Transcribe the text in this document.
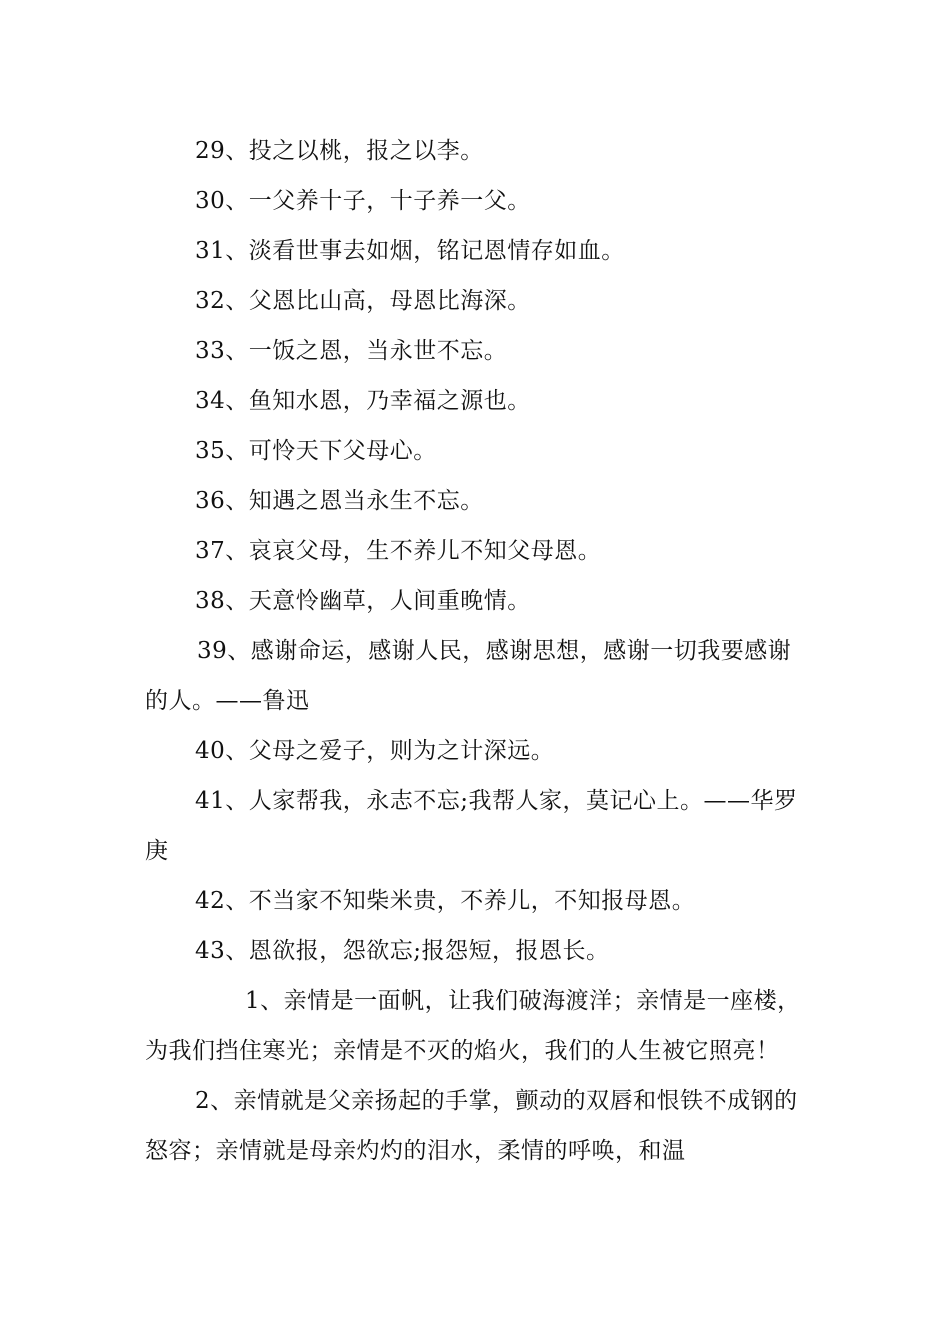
29、投之以桃，报之以李。

30、一父养十子，十子养一父。

31、淡看世事去如烟，铭记恩情存如血。

32、父恩比山高，母恩比海深。

33、一饭之恩，当永世不忘。

34、鱼知水恩，乃幸福之源也。

35、可怜天下父母心。

36、知遇之恩当永生不忘。

37、哀哀父母，生不养儿不知父母恩。

38、天意怜幽草，人间重晚情。

39、感谢命运，感谢人民，感谢思想，感谢一切我要感谢的人。——鲁迅

40、父母之爱子，则为之计深远。

41、人家帮我，永志不忘;我帮人家，莫记心上。——华罗庚

42、不当家不知柴米贵，不养儿，不知报母恩。

43、恩欲报，怨欲忘;报怨短，报恩长。

1、亲情是一面帆，让我们破海渡洋；亲情是一座楼，为我们挡住寒光；亲情是不灭的焰火，我们的人生被它照亮！

2、亲情就是父亲扬起的手掌，颤动的双唇和恨铁不成钢的怒容；亲情就是母亲灼灼的泪水，柔情的呼唤，和温
